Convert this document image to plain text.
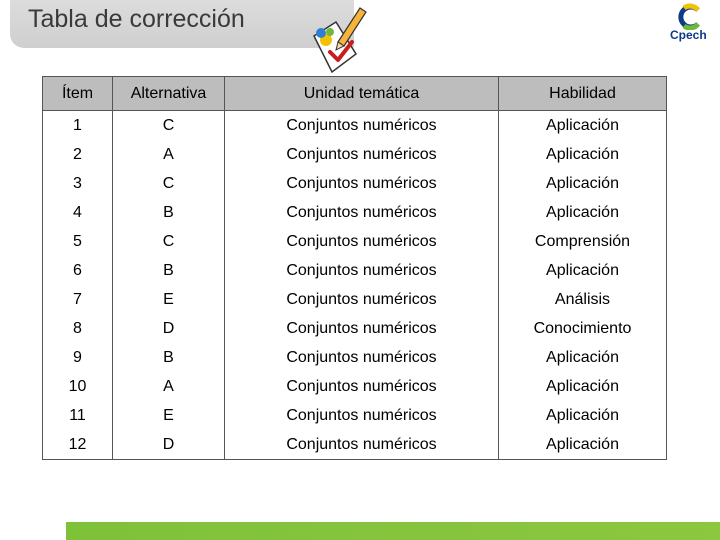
Tabla de corrección
Cpech
Ítem	Alternativa	Unidad temática	Habilidad
1	C	Conjuntos numéricos	Aplicación
2	A	Conjuntos numéricos	Aplicación
3	C	Conjuntos numéricos	Aplicación
4	B	Conjuntos numéricos	Aplicación
5	C	Conjuntos numéricos	Comprensión
6	B	Conjuntos numéricos	Aplicación
7	E	Conjuntos numéricos	Análisis
8	D	Conjuntos numéricos	Conocimiento
9	B	Conjuntos numéricos	Aplicación
10	A	Conjuntos numéricos	Aplicación
11	E	Conjuntos numéricos	Aplicación
12	D	Conjuntos numéricos	Aplicación
